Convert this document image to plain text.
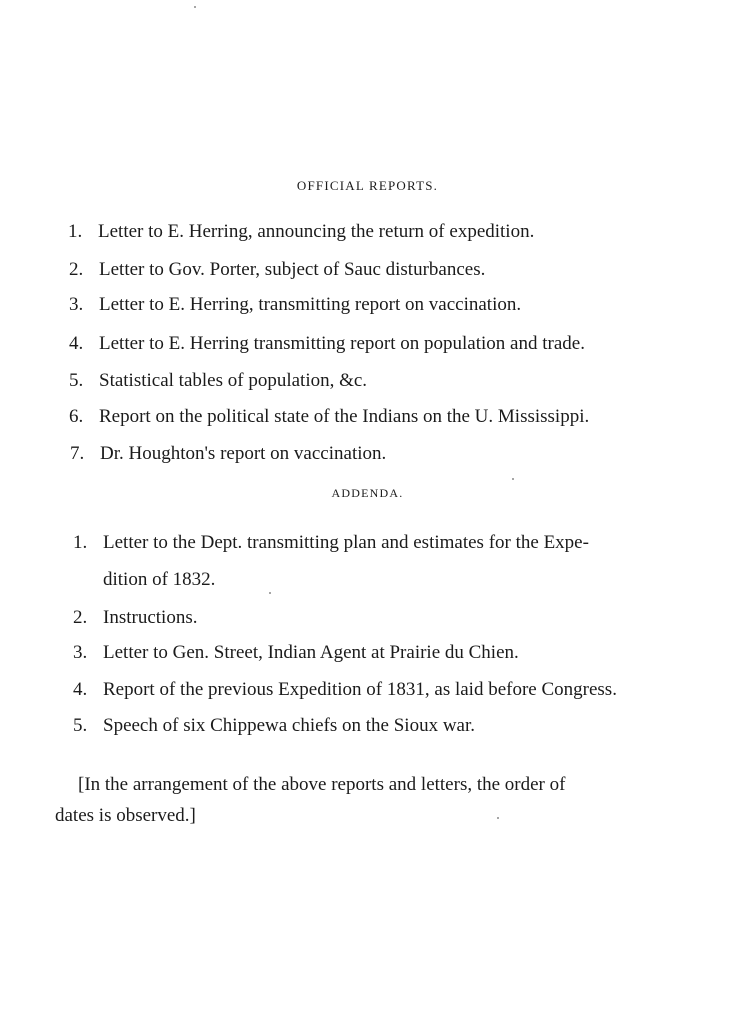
OFFICIAL REPORTS.
1. Letter to E. Herring, announcing the return of expedition.
2. Letter to Gov. Porter, subject of Sauc disturbances.
3. Letter to E. Herring, transmitting report on vaccination.
4. Letter to E. Herring transmitting report on population and trade.
5. Statistical tables of population, &c.
6. Report on the political state of the Indians on the U. Mississippi.
7. Dr. Houghton's report on vaccination.
ADDENDA.
1. Letter to the Dept. transmitting plan and estimates for the Expe-
dition of 1832.
2. Instructions.
3. Letter to Gen. Street, Indian Agent at Prairie du Chien.
4. Report of the previous Expedition of 1831, as laid before Congress.
5. Speech of six Chippewa chiefs on the Sioux war.
[In the arrangement of the above reports and letters, the order of
dates is observed.]
